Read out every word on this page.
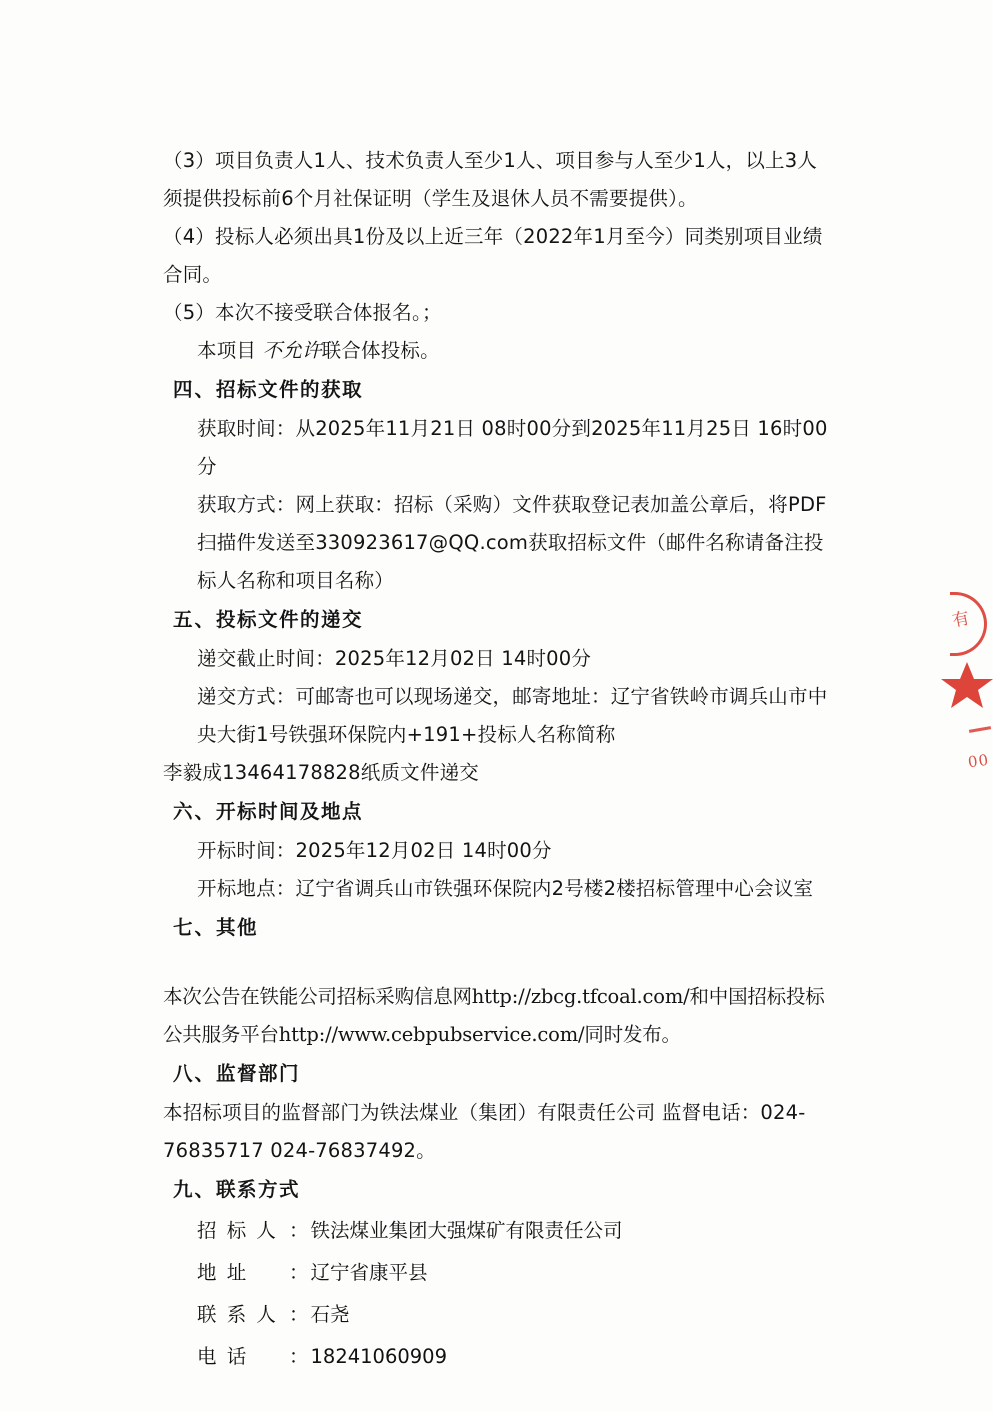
（3）项目负责人1人、技术负责人至少1人、项目参与人至少1人，以上3人须提供投标前6个月社保证明（学生及退休人员不需要提供）。

（4）投标人必须出具1份及以上近三年（2022年1月至今）同类别项目业绩合同。

（5）本次不接受联合体报名。；

本项目 不允许联合体投标。

四、招标文件的获取

获取时间：从2025年11月21日 08时00分到2025年11月25日 16时00分

获取方式：网上获取：招标（采购）文件获取登记表加盖公章后，将PDF扫描件发送至330923617@QQ.com获取招标文件（邮件名称请备注投标人名称和项目名称）

五、投标文件的递交

递交截止时间：2025年12月02日 14时00分

递交方式：可邮寄也可以现场递交，邮寄地址：辽宁省铁岭市调兵山市中央大街1号铁强环保院内+191+投标人名称简称

李毅成13464178828纸质文件递交

六、开标时间及地点

开标时间：2025年12月02日 14时00分

开标地点：辽宁省调兵山市铁强环保院内2号楼2楼招标管理中心会议室

七、其他

本次公告在铁能公司招标采购信息网http://zbcg.tfcoal.com/和中国招标投标公共服务平台http://www.cebpubservice.com/同时发布。

八、监督部门

本招标项目的监督部门为铁法煤业（集团）有限责任公司 监督电话：024-76835717 024-76837492。

九、联系方式

招 标 人 ： 铁法煤业集团大强煤矿有限责任公司
地 址 ： 辽宁省康平县
联 系 人 ： 石尧
电 话 ： 18241060909
有
00
